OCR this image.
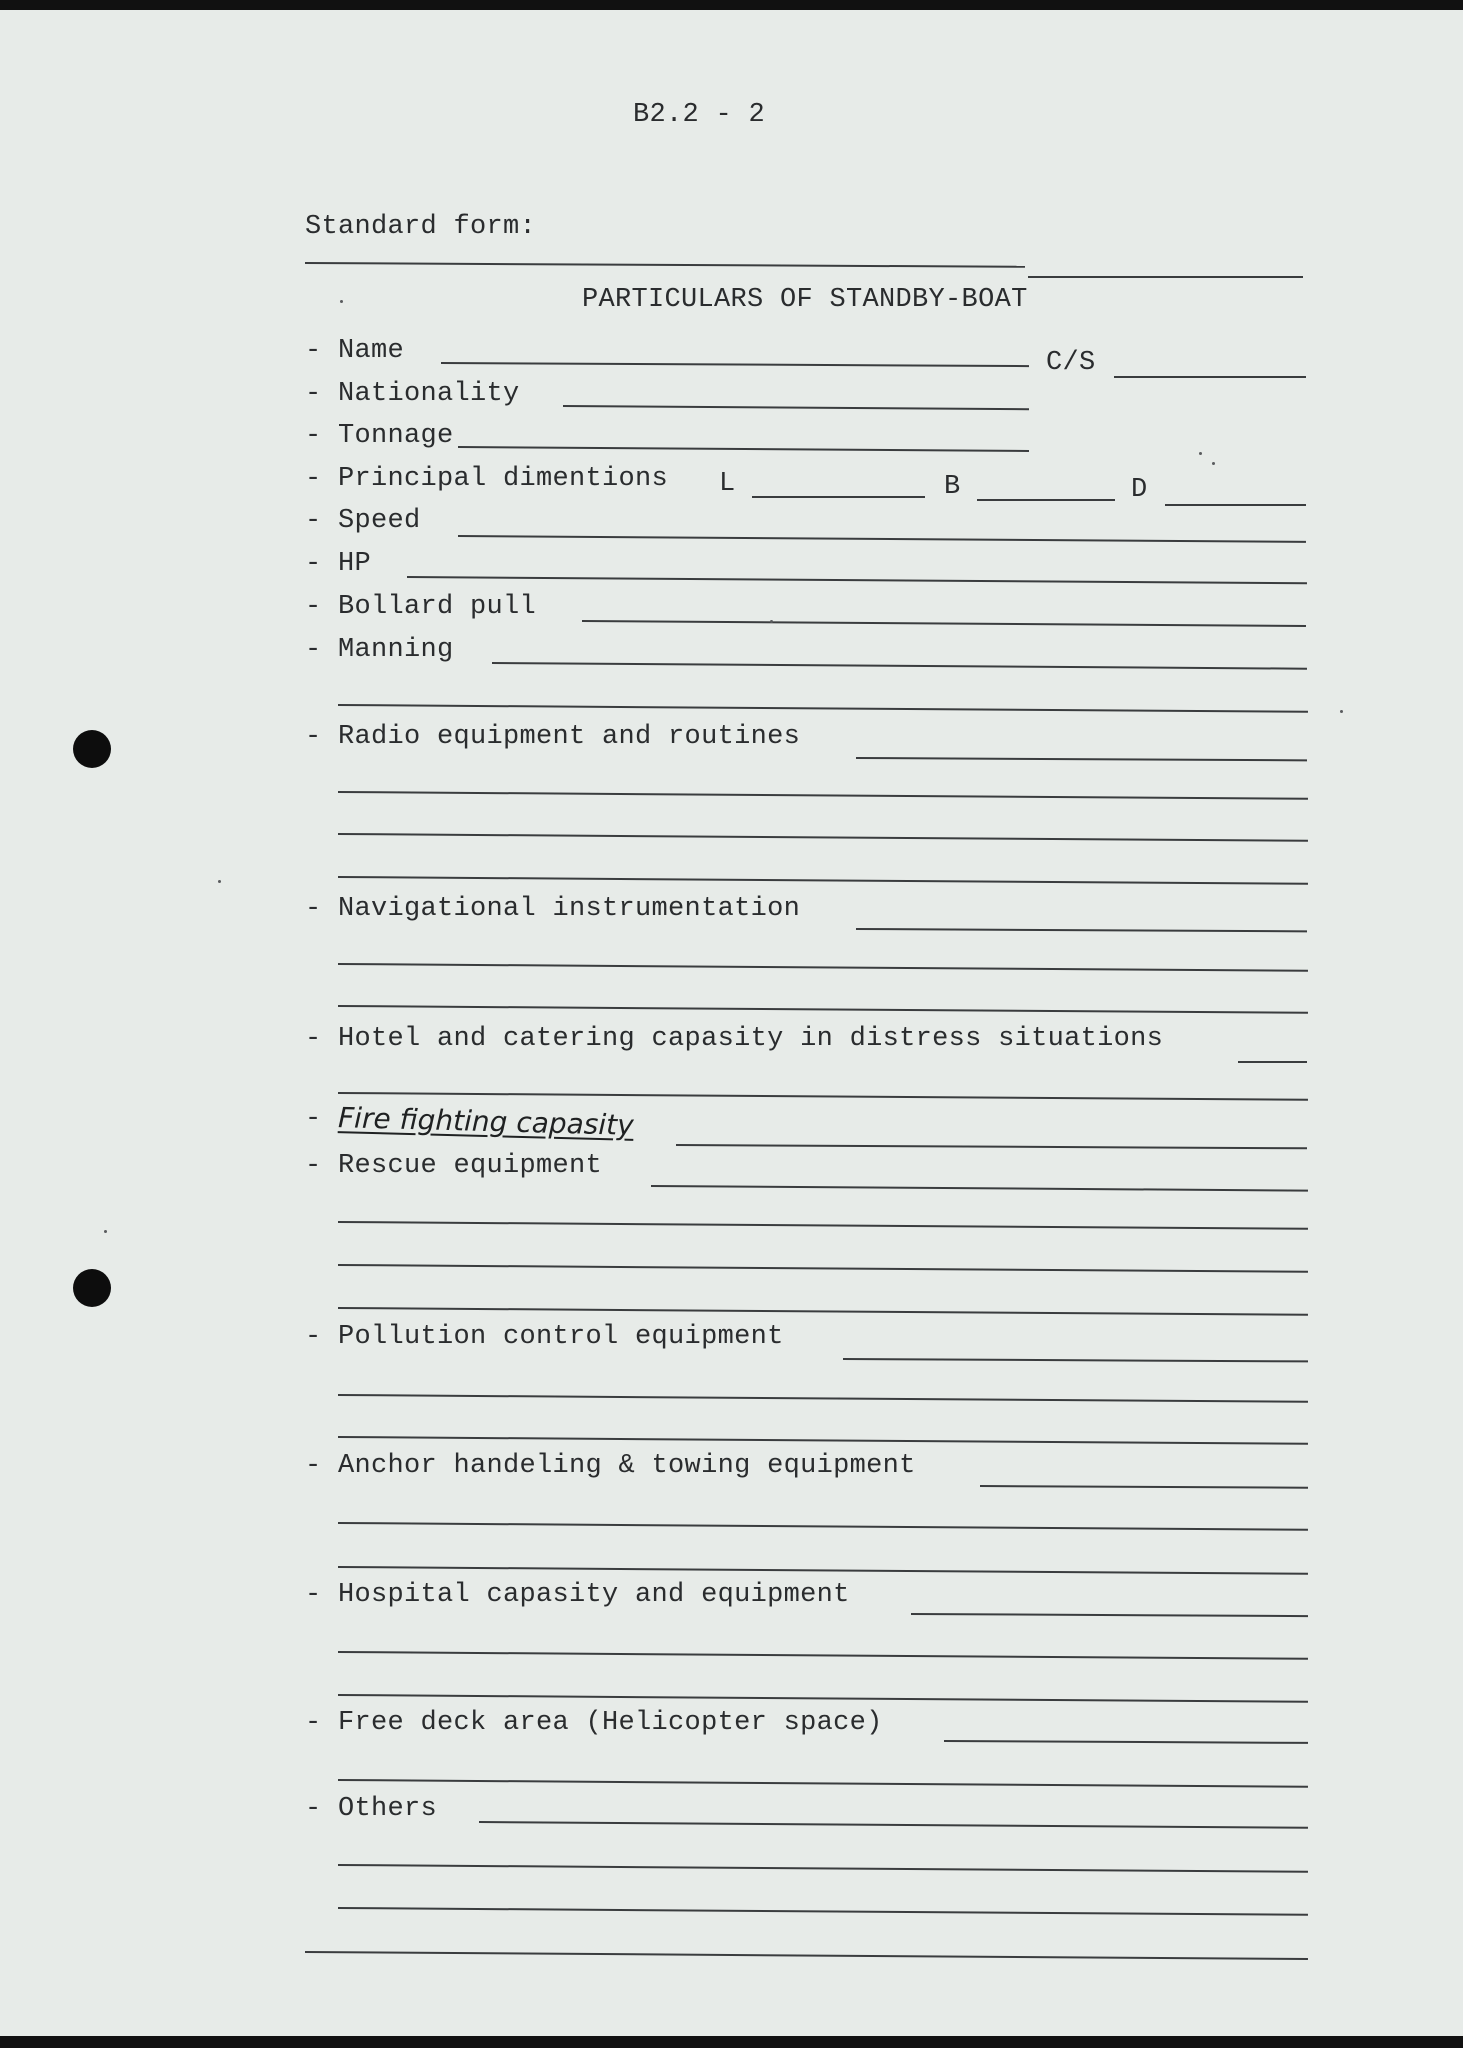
B2.2 - 2
Standard form:
PARTICULARS OF STANDBY-BOAT
- Name	C/S
- Nationality
- Tonnage
- Principal dimentions L	B	D
- Speed
- HP
- Bollard pull
- Manning
- Radio equipment and routines
- Navigational instrumentation
- Hotel and catering capasity in distress situations
- Fire fighting capasity
- Rescue equipment
- Pollution control equipment
- Anchor handeling & towing equipment
- Hospital capasity and equipment
- Free deck area (Helicopter space)
- Others
